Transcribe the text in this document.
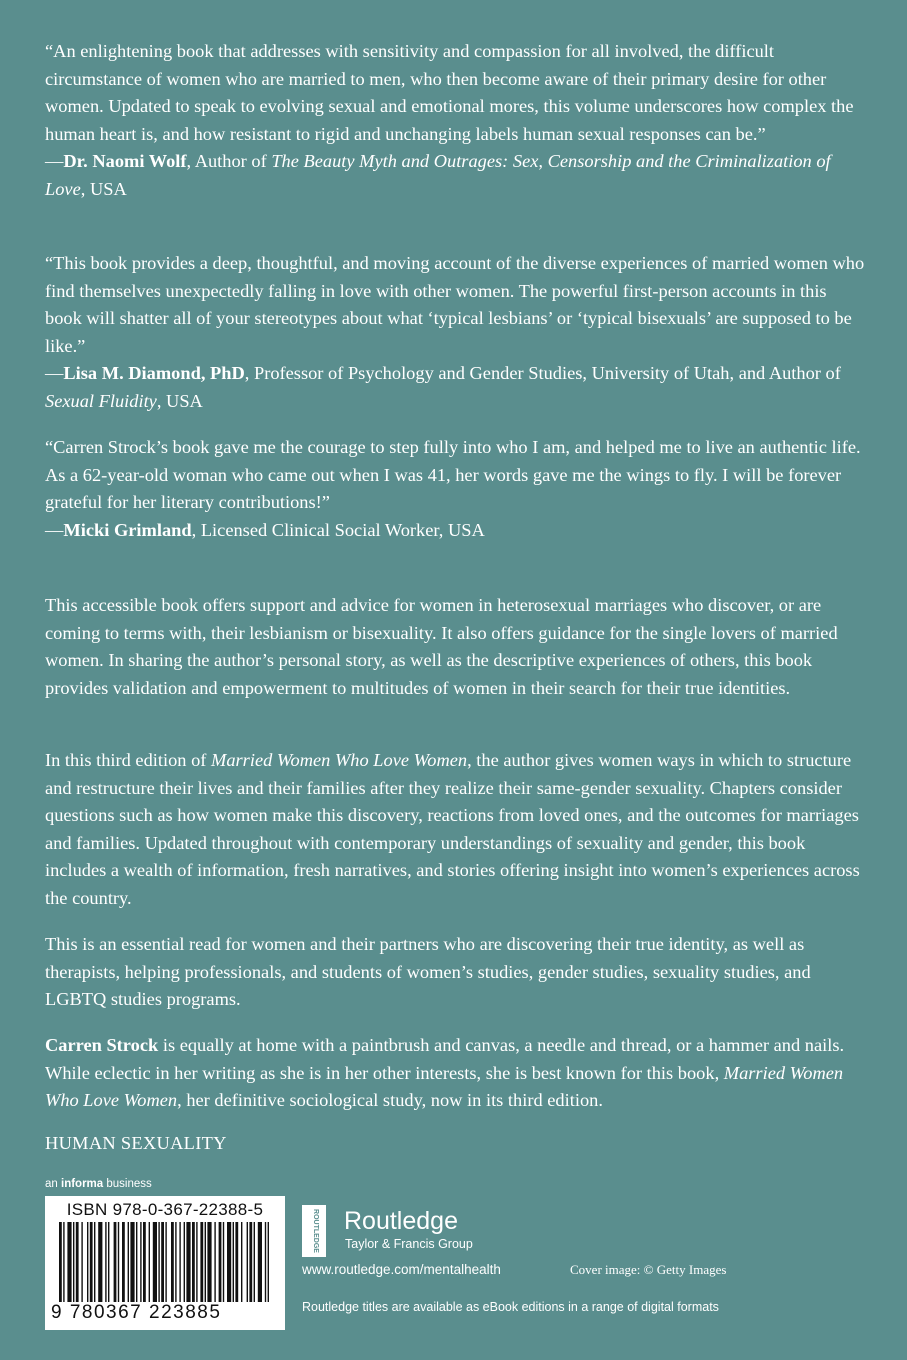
“An enlightening book that addresses with sensitivity and compassion for all involved, the difficult circumstance of women who are married to men, who then become aware of their primary desire for other women. Updated to speak to evolving sexual and emotional mores, this volume underscores how complex the human heart is, and how resistant to rigid and unchanging labels human sexual responses can be.”
—Dr. Naomi Wolf, Author of The Beauty Myth and Outrages: Sex, Censorship and the Criminalization of Love, USA

“This book provides a deep, thoughtful, and moving account of the diverse experiences of married women who find themselves unexpectedly falling in love with other women. The powerful first-person accounts in this book will shatter all of your stereotypes about what ‘typical lesbians’ or ‘typical bisexuals’ are supposed to be like.”
—Lisa M. Diamond, PhD, Professor of Psychology and Gender Studies, University of Utah, and Author of Sexual Fluidity, USA

“Carren Strock’s book gave me the courage to step fully into who I am, and helped me to live an authentic life. As a 62-year-old woman who came out when I was 41, her words gave me the wings to fly. I will be forever grateful for her literary contributions!”
—Micki Grimland, Licensed Clinical Social Worker, USA

This accessible book offers support and advice for women in heterosexual marriages who discover, or are coming to terms with, their lesbianism or bisexuality. It also offers guidance for the single lovers of married women. In sharing the author’s personal story, as well as the descriptive experiences of others, this book provides validation and empowerment to multitudes of women in their search for their true identities.

In this third edition of Married Women Who Love Women, the author gives women ways in which to structure and restructure their lives and their families after they realize their same-gender sexuality. Chapters consider questions such as how women make this discovery, reactions from loved ones, and the outcomes for marriages and families. Updated throughout with contemporary understandings of sexuality and gender, this book includes a wealth of information, fresh narratives, and stories offering insight into women’s experiences across the country.

This is an essential read for women and their partners who are discovering their true identity, as well as therapists, helping professionals, and students of women’s studies, gender studies, sexuality studies, and LGBTQ studies programs.

Carren Strock is equally at home with a paintbrush and canvas, a needle and thread, or a hammer and nails. While eclectic in her writing as she is in her other interests, she is best known for this book, Married Women Who Love Women, her definitive sociological study, now in its third edition.

HUMAN SEXUALITY
an informa business
ISBN 978-0-367-22388-5
9 780367 223885
ROUTLEDGE Routledge
Taylor & Francis Group
www.routledge.com/mentalhealth	Cover image: © Getty Images
Routledge titles are available as eBook editions in a range of digital formats
